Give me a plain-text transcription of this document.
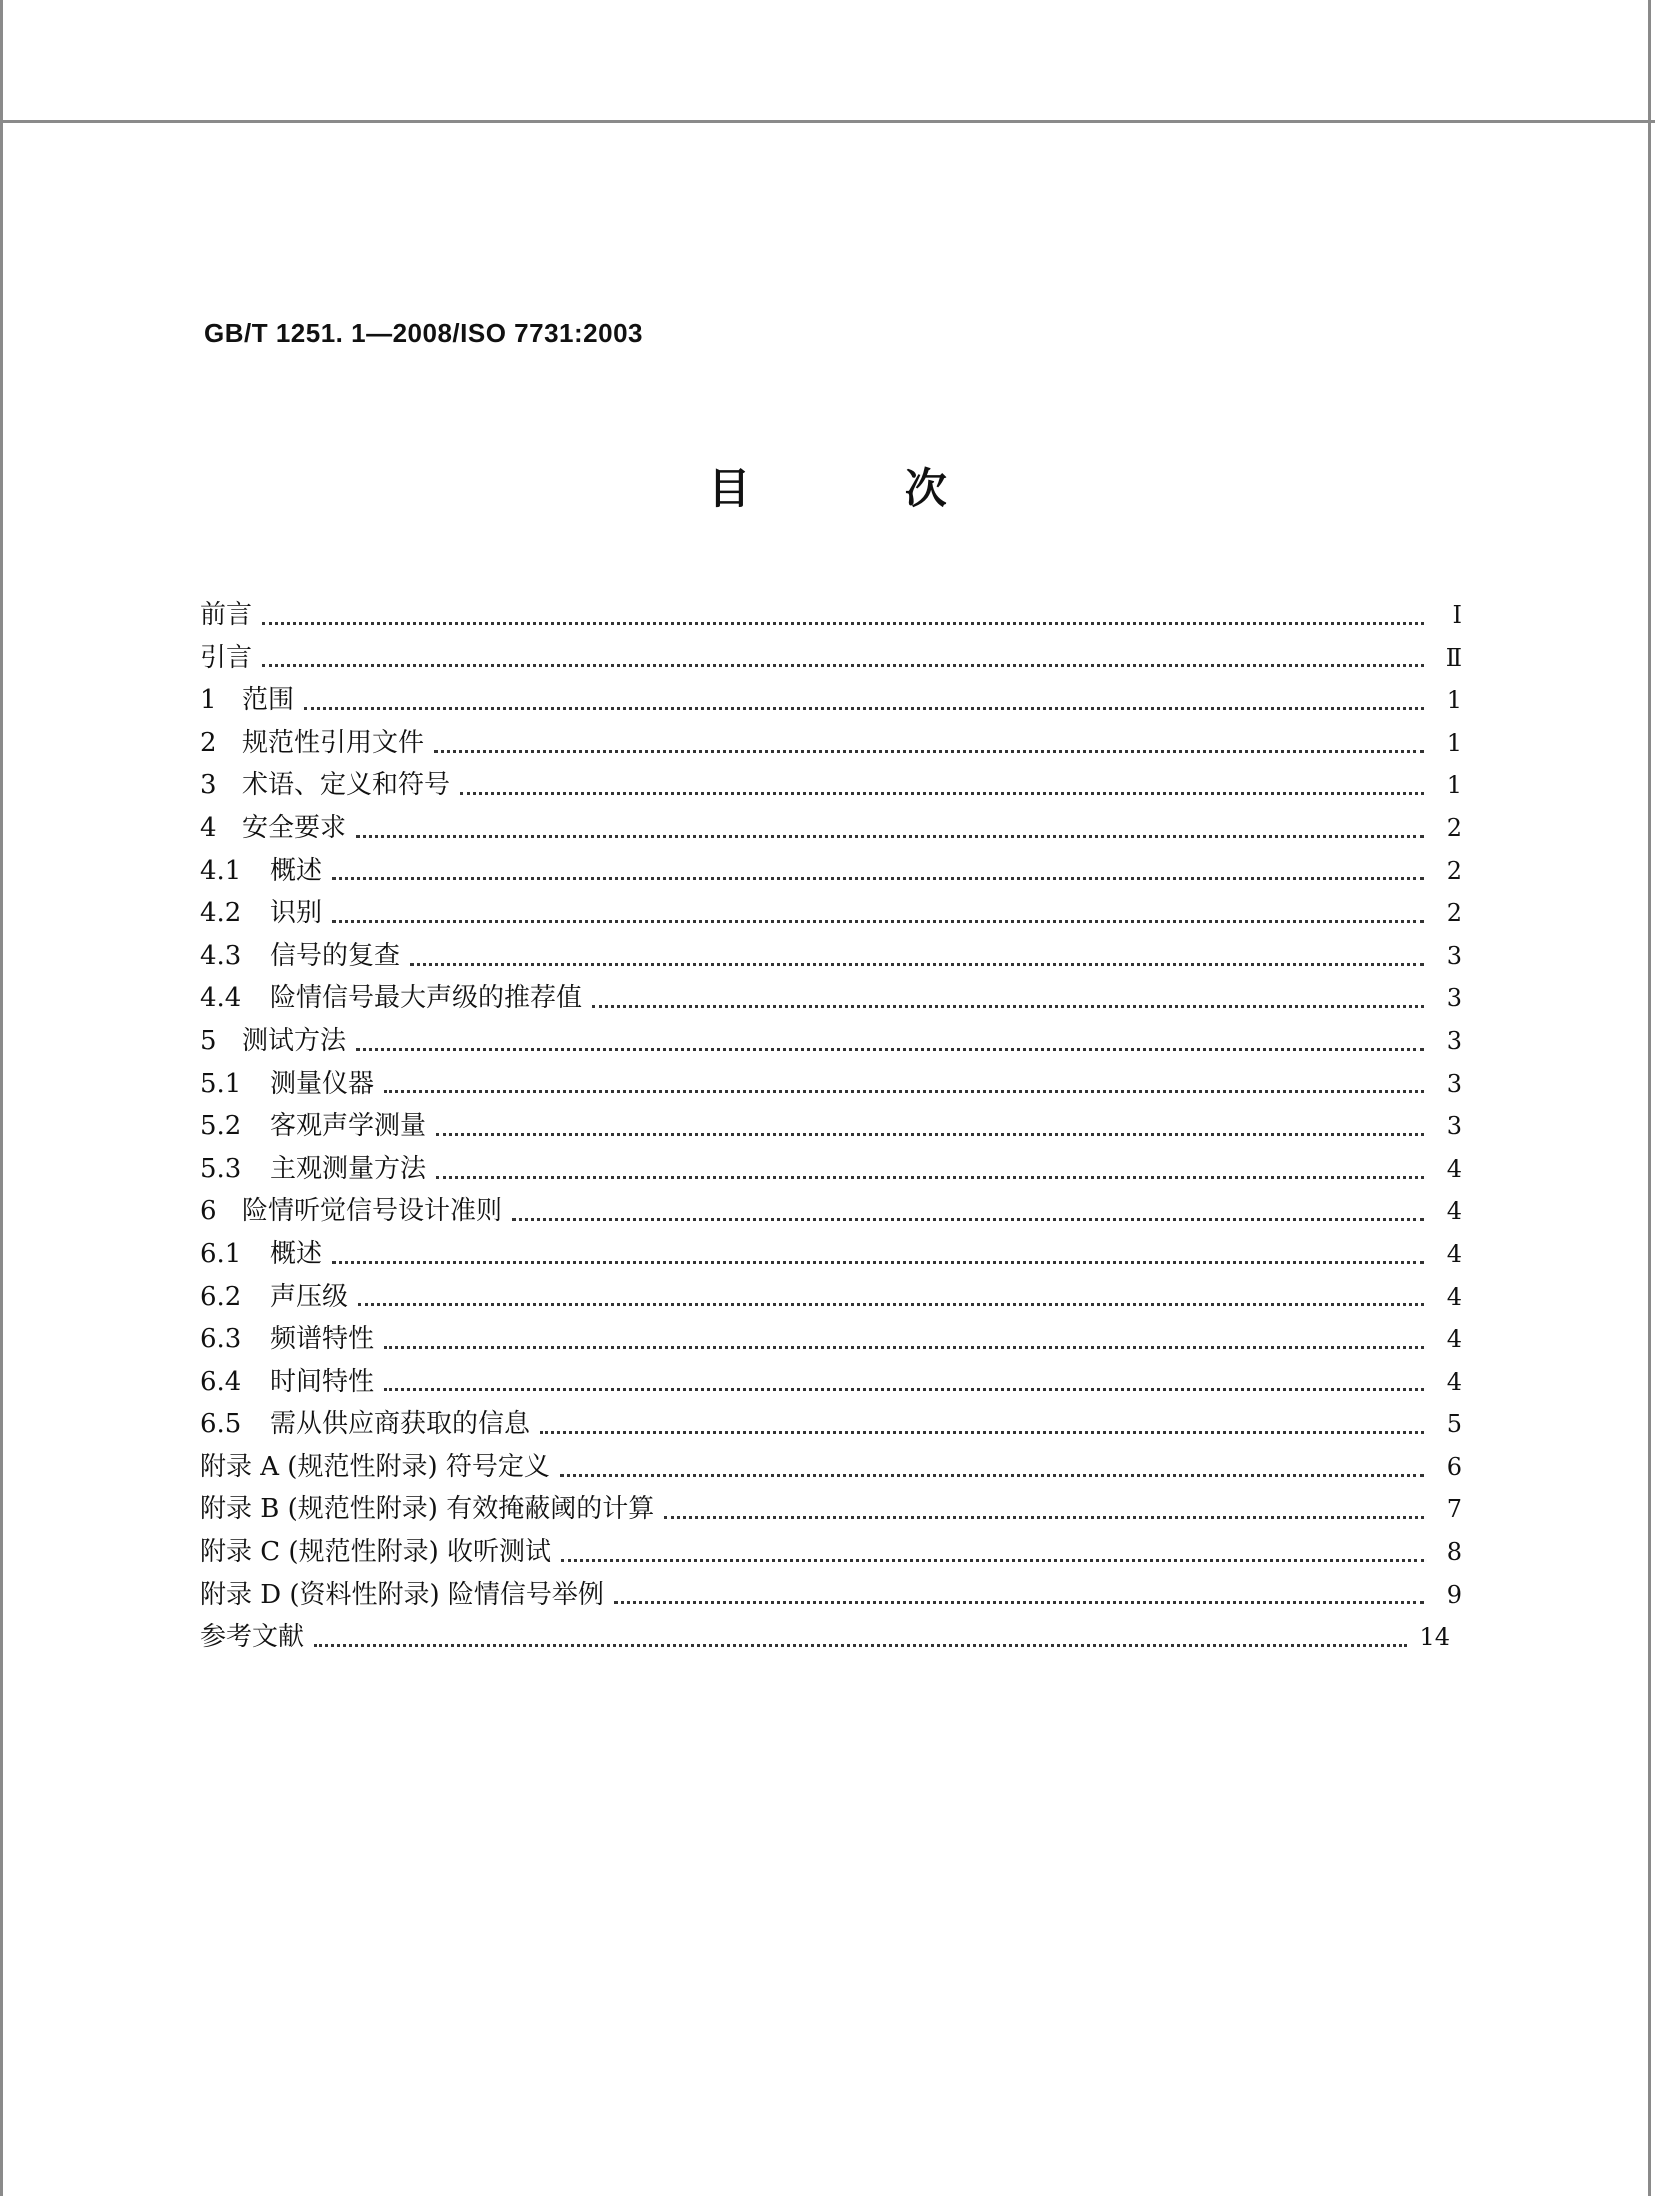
GB/T 1251. 1—2008/ISO 7731:2003
目 次
前言	Ⅰ
引言	Ⅱ
1 范围	1
2 规范性引用文件	1
3 术语、定义和符号	1
4 安全要求	2
4.1	概述	2
4.2	识别	2
4.3	信号的复查	3
4.4	险情信号最大声级的推荐值	3
5 测试方法	3
5.1	测量仪器	3
5.2	客观声学测量	3
5.3	主观测量方法	4
6 险情听觉信号设计准则	4
6.1	概述	4
6.2	声压级	4
6.3	频谱特性	4
6.4	时间特性	4
6.5	需从供应商获取的信息	5
附录 A (规范性附录) 符号定义	6
附录 B (规范性附录) 有效掩蔽阈的计算	7
附录 C (规范性附录) 收听测试	8
附录 D (资料性附录) 险情信号举例	9
参考文献	14
